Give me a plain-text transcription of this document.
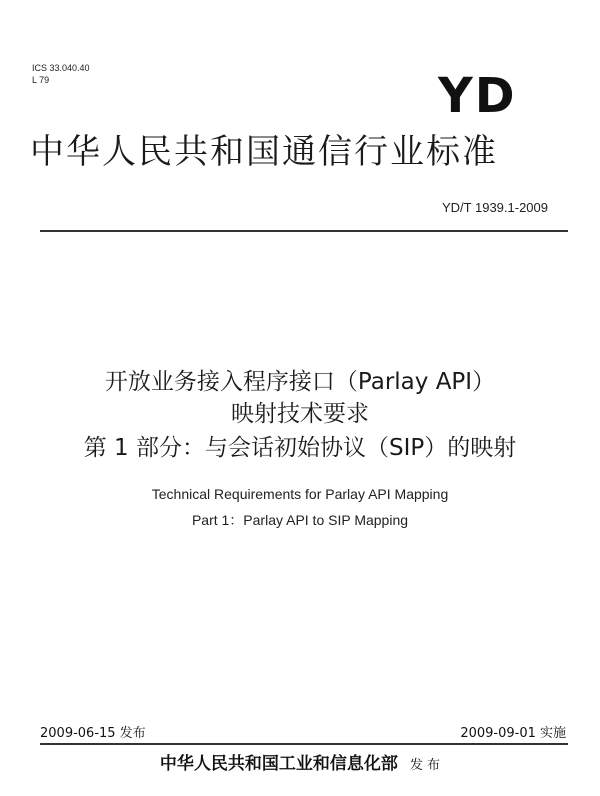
ICS 33.040.40
L 79	YD
中华人民共和国通信行业标准
YD/T 1939.1-2009
开放业务接入程序接口（Parlay API）
映射技术要求
第 1 部分：与会话初始协议（SIP）的映射
Technical Requirements for Parlay API Mapping
Part 1：Parlay API to SIP Mapping
2009-06-15 发布	2009-09-01 实施
中华人民共和国工业和信息化部 发 布
